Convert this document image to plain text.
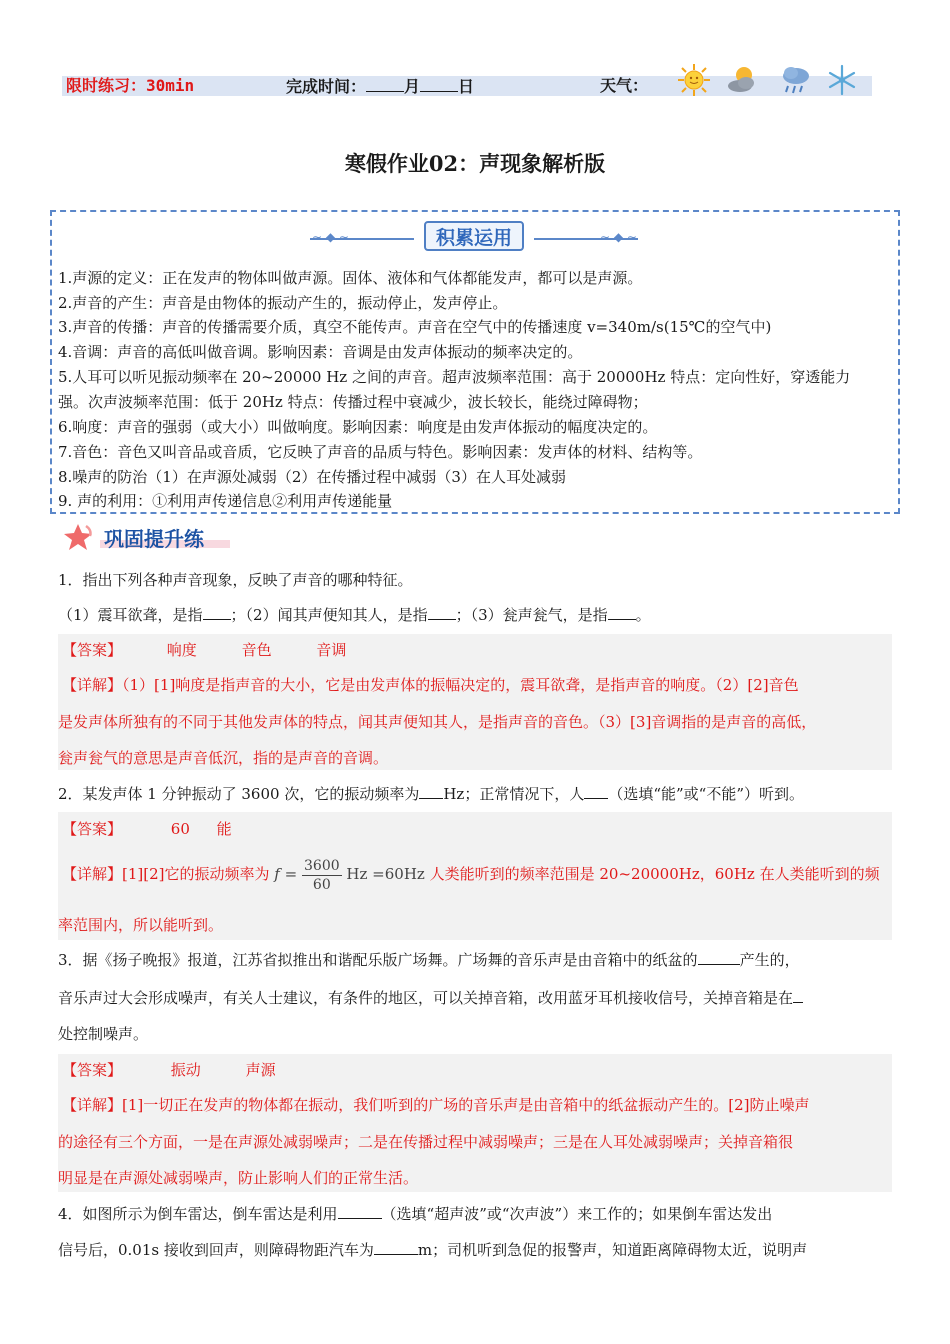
限时练习：30min	完成时间： 月 日	天气：
寒假作业02：声现象解析版
∼ ◆ ∼	∼ ◆ ∼
积累运用
1.声源的定义：正在发声的物体叫做声源。固体、液体和气体都能发声，都可以是声源。
2.声音的产生：声音是由物体的振动产生的，振动停止，发声停止。
3.声音的传播：声音的传播需要介质，真空不能传声。声音在空气中的传播速度 v=340m/s(15℃的空气中)
4.音调：声音的高低叫做音调。影响因素：音调是由发声体振动的频率决定的。
5.人耳可以听见振动频率在 20~20000 Hz 之间的声音。超声波频率范围：高于 20000Hz 特点：定向性好，穿透能力
强。次声波频率范围：低于 20Hz 特点：传播过程中衰减少，波长较长，能绕过障碍物；
6.响度：声音的强弱（或大小）叫做响度。影响因素：响度是由发声体振动的幅度决定的。
7.音色：音色又叫音品或音质，它反映了声音的品质与特色。影响因素：发声体的材料、结构等。
8.噪声的防治（1）在声源处减弱（2）在传播过程中减弱（3）在人耳处减弱
9. 声的利用：①利用声传递信息②利用声传递能量
巩固提升练
1．指出下列各种声音现象，反映了声音的哪种特征。
（1）震耳欲聋，是指 ；（2）闻其声便知其人，是指 ；（3）瓮声瓮气，是指 。
【答案】	响度	音色	音调
【详解】（1）[1]响度是指声音的大小，它是由发声体的振幅决定的，震耳欲聋，是指声音的响度。（2）[2]音色
是发声体所独有的不同于其他发声体的特点，闻其声便知其人，是指声音的音色。（3）[3]音调指的是声音的高低，
瓮声瓮气的意思是声音低沉，指的是声音的音调。
2．某发声体 1 分钟振动了 3600 次，它的振动频率为 Hz；正常情况下，人 （选填“能”或“不能”）听到。
【答案】	60 能
【详解】[1][2]它的振动频率为 $f = \frac{3600}{60}$ Hz =60Hz 人类能听到的频率范围是 20~20000Hz，60Hz 在人类能听到的频
率范围内，所以能听到。
3．据《扬子晚报》报道，江苏省拟推出和谐配乐版广场舞。广场舞的音乐声是由音箱中的纸盆的	产生的，
音乐声过大会形成噪声，有关人士建议，有条件的地区，可以关掉音箱，改用蓝牙耳机接收信号，关掉音箱是在
处控制噪声。
【答案】	振动	声源
【详解】[1]一切正在发声的物体都在振动，我们听到的广场的音乐声是由音箱中的纸盆振动产生的。[2]防止噪声
的途径有三个方面，一是在声源处减弱噪声；二是在传播过程中减弱噪声；三是在人耳处减弱噪声；关掉音箱很
明显是在声源处减弱噪声，防止影响人们的正常生活。
4．如图所示为倒车雷达，倒车雷达是利用	（选填“超声波”或“次声波”）来工作的；如果倒车雷达发出
信号后，0.01s 接收到回声，则障碍物距汽车为	m；司机听到急促的报警声，知道距离障碍物太近，说明声
